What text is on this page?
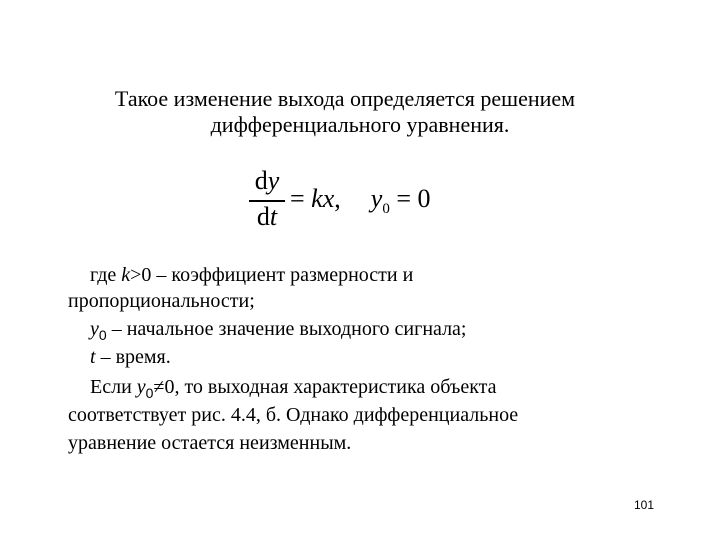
Такое изменение выхода определяется решением
дифференциального уравнения.
dy
dt
= kx, $y_0 = 0$
где k>0 – коэффициент размерности и
пропорциональности;
$y_0$ – начальное значение выходного сигнала;
t – время.
Если $y_0\ne 0$, то выходная характеристика объекта
соответствует рис. 4.4, б. Однако дифференциальное
уравнение остается неизменным.
101
